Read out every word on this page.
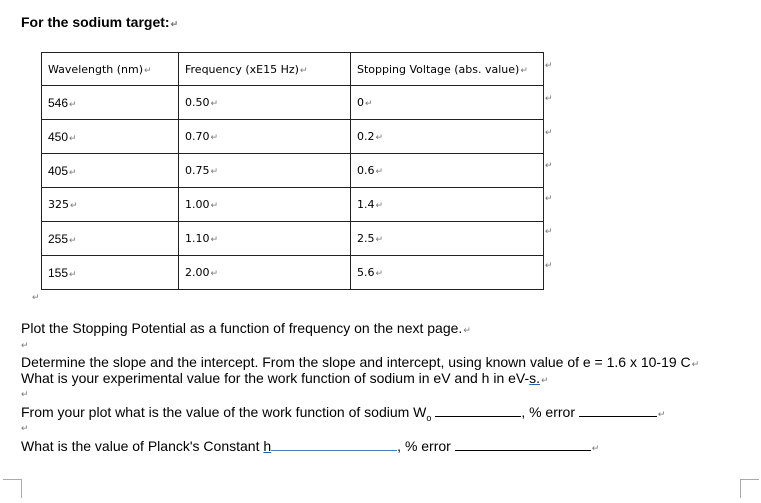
For the sodium target:↵
Wavelength (nm)↵	Frequency (xE15 Hz)↵	Stopping Voltage (abs. value)↵
546↵	0.50↵	0↵
450↵	0.70↵	0.2↵
405↵	0.75↵	0.6↵
325↵	1.00↵	1.4↵
255↵	1.10↵	2.5↵
155↵	2.00↵	5.6↵
↵
↵
↵
↵
↵
↵
↵
↵
Plot the Stopping Potential as a function of frequency on the next page.↵
↵
Determine the slope and the intercept. From the slope and intercept, using known value of e = 1.6 x 10-19 C↵
What is your experimental value for the work function of sodium in eV and h in eV-s.↵
↵
From your plot what is the value of the work function of sodium $W_o$	, % error	↵
↵
What is the value of Planck's Constant h	, % error	↵
